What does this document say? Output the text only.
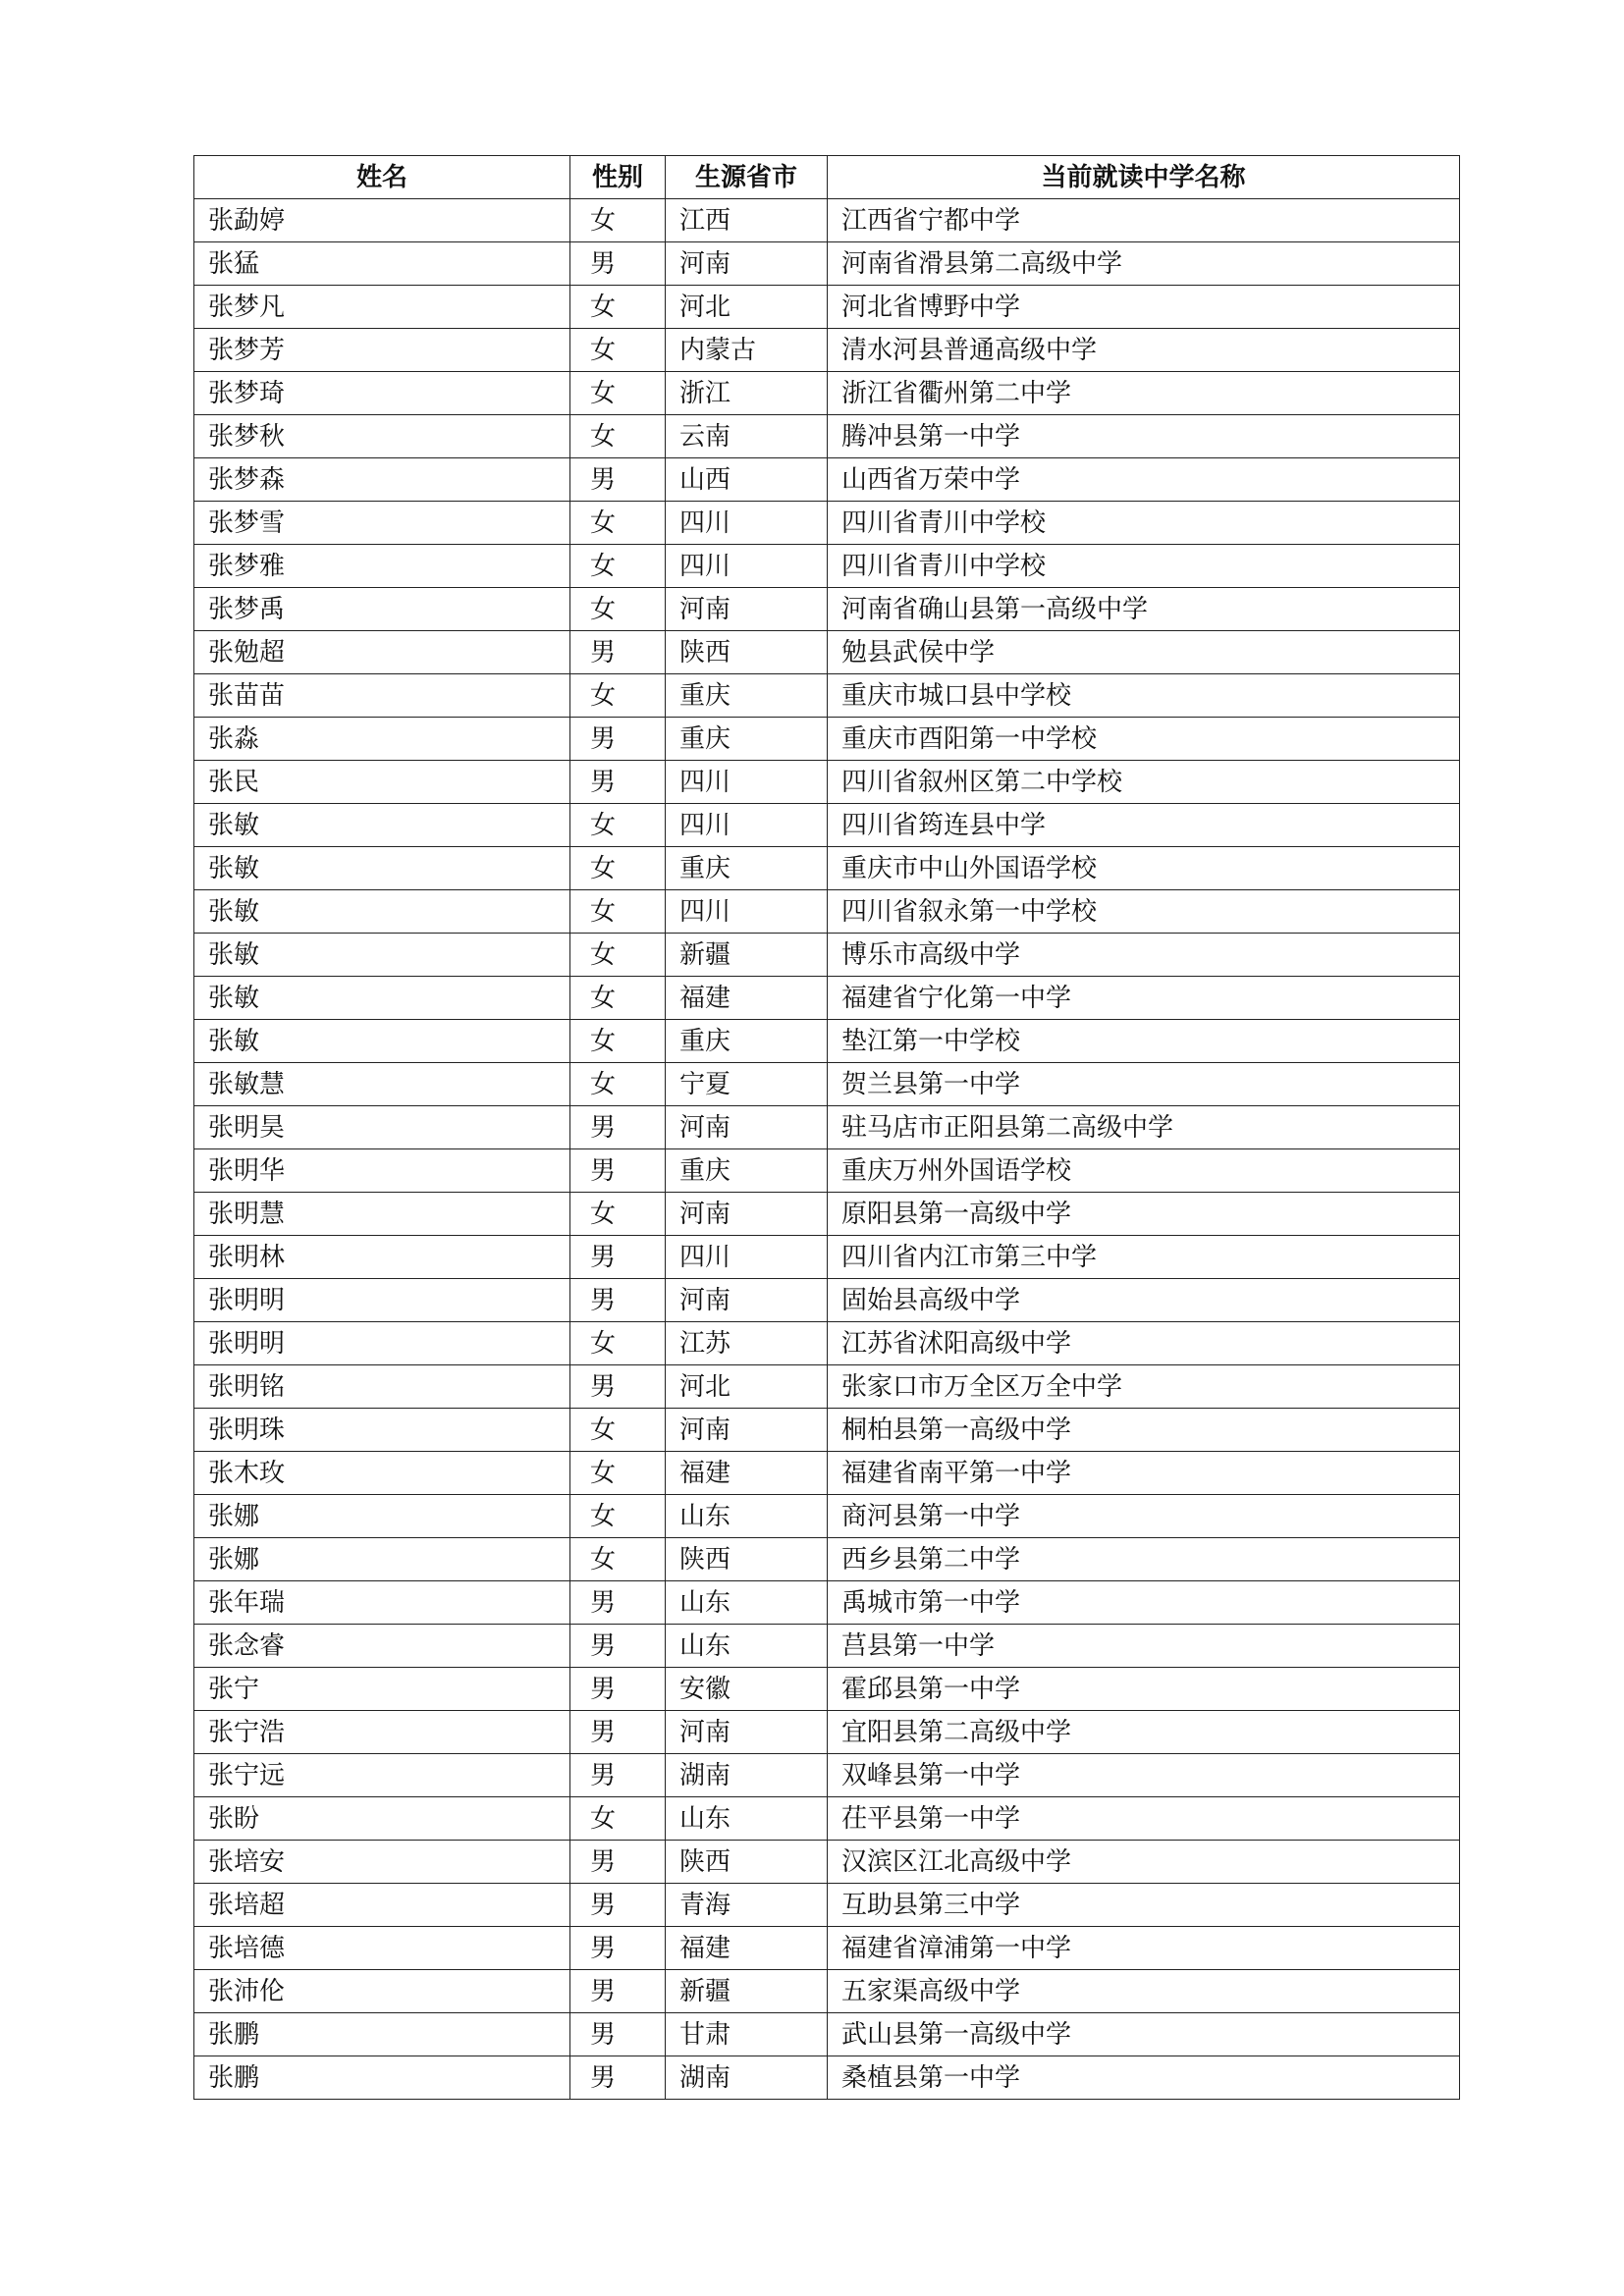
姓名	性别	生源省市	当前就读中学名称
张勐婷	女	江西	江西省宁都中学
张猛	男	河南	河南省滑县第二高级中学
张梦凡	女	河北	河北省博野中学
张梦芳	女	内蒙古	清水河县普通高级中学
张梦琦	女	浙江	浙江省衢州第二中学
张梦秋	女	云南	腾冲县第一中学
张梦森	男	山西	山西省万荣中学
张梦雪	女	四川	四川省青川中学校
张梦雅	女	四川	四川省青川中学校
张梦禹	女	河南	河南省确山县第一高级中学
张勉超	男	陕西	勉县武侯中学
张苗苗	女	重庆	重庆市城口县中学校
张淼	男	重庆	重庆市酉阳第一中学校
张民	男	四川	四川省叙州区第二中学校
张敏	女	四川	四川省筠连县中学
张敏	女	重庆	重庆市中山外国语学校
张敏	女	四川	四川省叙永第一中学校
张敏	女	新疆	博乐市高级中学
张敏	女	福建	福建省宁化第一中学
张敏	女	重庆	垫江第一中学校
张敏慧	女	宁夏	贺兰县第一中学
张明昊	男	河南	驻马店市正阳县第二高级中学
张明华	男	重庆	重庆万州外国语学校
张明慧	女	河南	原阳县第一高级中学
张明林	男	四川	四川省内江市第三中学
张明明	男	河南	固始县高级中学
张明明	女	江苏	江苏省沭阳高级中学
张明铭	男	河北	张家口市万全区万全中学
张明珠	女	河南	桐柏县第一高级中学
张木玫	女	福建	福建省南平第一中学
张娜	女	山东	商河县第一中学
张娜	女	陕西	西乡县第二中学
张年瑞	男	山东	禹城市第一中学
张念睿	男	山东	莒县第一中学
张宁	男	安徽	霍邱县第一中学
张宁浩	男	河南	宜阳县第二高级中学
张宁远	男	湖南	双峰县第一中学
张盼	女	山东	茌平县第一中学
张培安	男	陕西	汉滨区江北高级中学
张培超	男	青海	互助县第三中学
张培德	男	福建	福建省漳浦第一中学
张沛伦	男	新疆	五家渠高级中学
张鹏	男	甘肃	武山县第一高级中学
张鹏	男	湖南	桑植县第一中学
